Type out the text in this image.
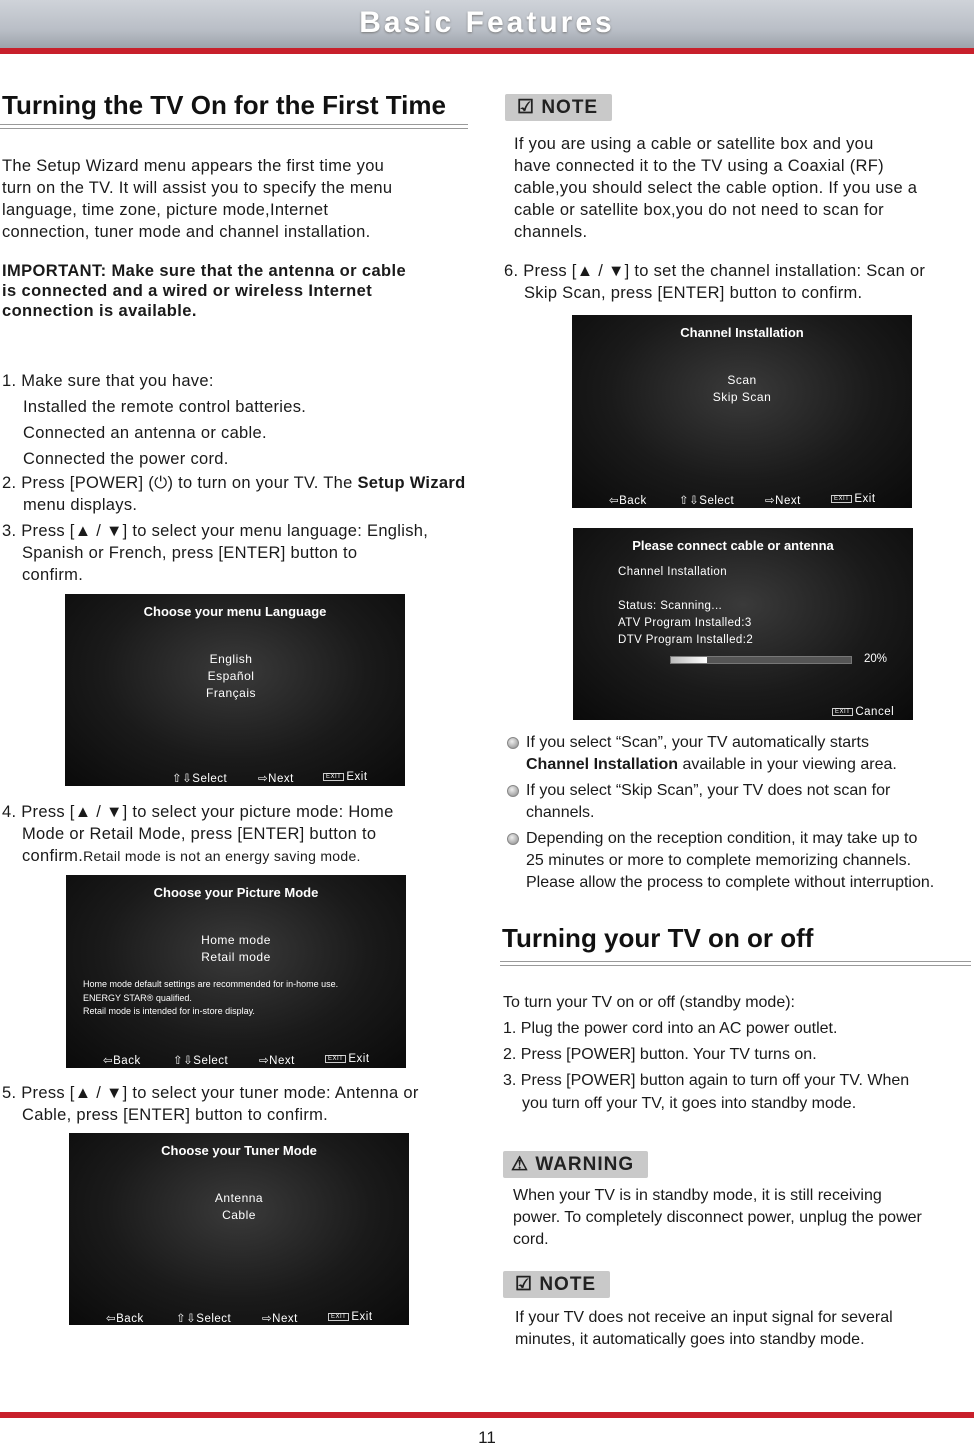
Basic Features
Turning the TV On for the First Time

The Setup Wizard menu appears the first time you

turn on the TV. It will assist you to specify the menu

language, time zone, picture mode,Internet

connection, tuner mode and channel installation.

IMPORTANT: Make sure that the antenna or cable

is connected and a wired or wireless Internet

connection is available.

1. Make sure that you have:

Installed the remote control batteries.

Connected an antenna or cable.

Connected the power cord.

2. Press [POWER] (⏻) to turn on your TV. The Setup Wizard menu displays.

3. Press [▲ / ▼] to select your menu language: English,

Spanish or French, press [ENTER] button to

confirm.

Choose your menu Language
English
Español
Français
⇧⇩Select	⇨Next	EXIT Exit

4. Press [▲ / ▼] to select your picture mode: Home

Mode or Retail Mode, press [ENTER] button to

confirm.Retail mode is not an energy saving mode.

Choose your Picture Mode
Home mode
Retail mode
Home mode default settings are recommended for in-home use.
ENERGY STAR® qualified.
Retail mode is intended for in-store display.
⇦Back	⇧⇩Select	⇨Next	EXIT Exit

5. Press [▲ / ▼] to select your tuner mode: Antenna or

Cable, press [ENTER] button to confirm.

Choose your Tuner Mode
Antenna
Cable
⇦Back	⇧⇩Select	⇨Next	EXIT Exit
☑ NOTE

If you are using a cable or satellite box and you

have connected it to the TV using a Coaxial (RF)

cable,you should select the cable option. If you use a

cable or satellite box,you do not need to scan for

channels.

6. Press [▲ / ▼] to set the channel installation: Scan or

Skip Scan, press [ENTER] button to confirm.

Channel Installation
Scan
Skip Scan
⇦Back	⇧⇩Select	⇨Next	EXIT Exit
Please connect cable or antenna
Channel Installation
Status: Scanning...
ATV Program Installed:3
DTV Program Installed:2
20%
EXIT Cancel

If you select “Scan”, your TV automatically starts

Channel Installation available in your viewing area.

If you select “Skip Scan”, your TV does not scan for

channels.

Depending on the reception condition, it may take up to

25 minutes or more to complete memorizing channels.

Please allow the process to complete without interruption.

Turning your TV on or off

To turn your TV on or off (standby mode):

1. Plug the power cord into an AC power outlet.

2. Press [POWER] button. Your TV turns on.

3. Press [POWER] button again to turn off your TV. When

you turn off your TV, it goes into standby mode.

⚠ WARNING

When your TV is in standby mode, it is still receiving

power. To completely disconnect power, unplug the power

cord.

☑ NOTE

If your TV does not receive an input signal for several

minutes, it automatically goes into standby mode.

11
